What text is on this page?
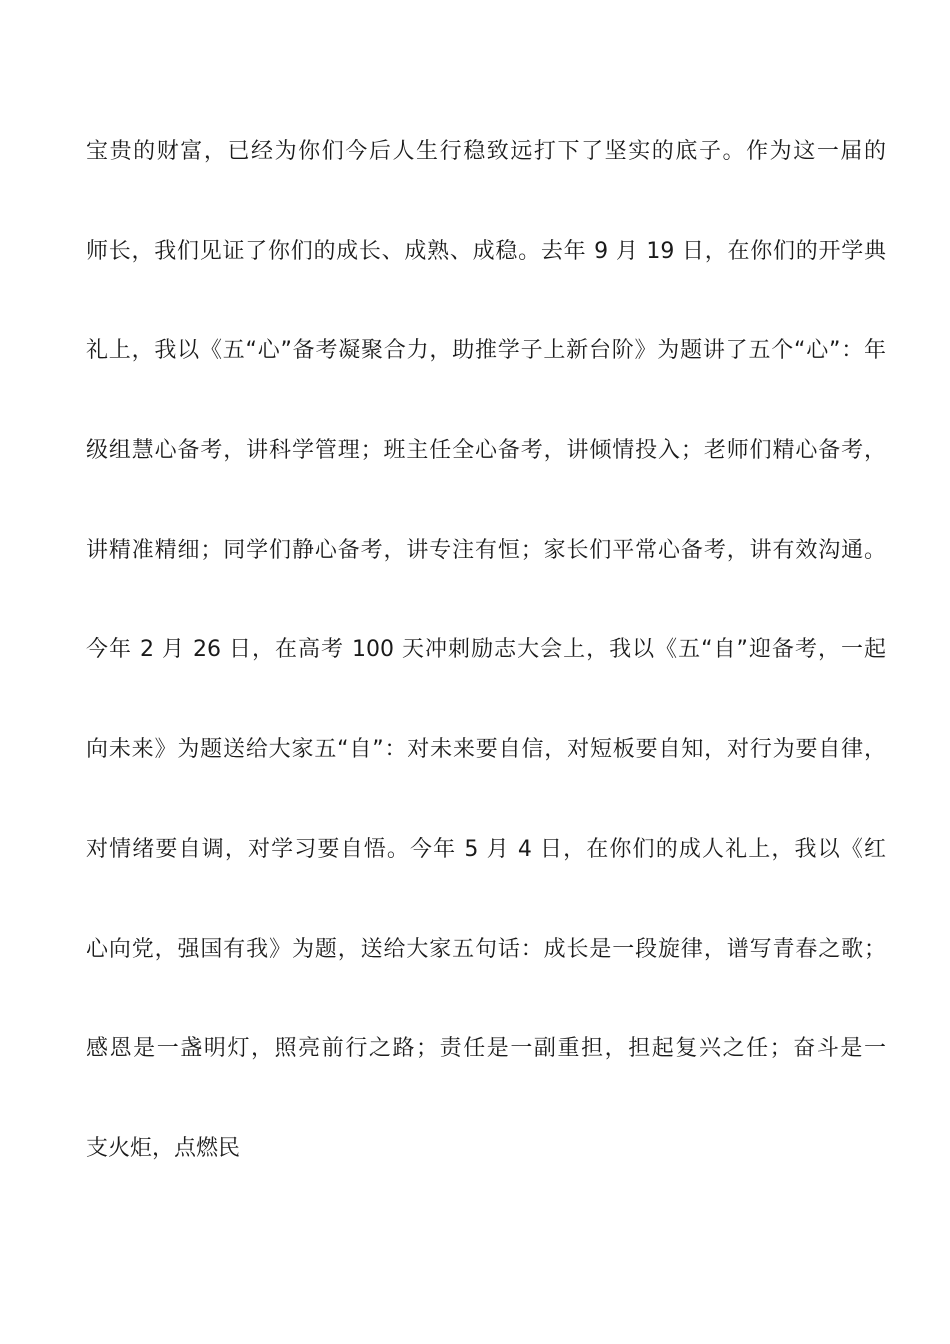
宝贵的财富，已经为你们今后人生行稳致远打下了坚实的底子。作为这一届的
师长，我们见证了你们的成长、成熟、成稳。去年 9 月 19 日，在你们的开学典
礼上，我以《五“心”备考凝聚合力，助推学子上新台阶》为题讲了五个“心”：年
级组慧心备考，讲科学管理；班主任全心备考，讲倾情投入；老师们精心备考，
讲精准精细；同学们静心备考，讲专注有恒；家长们平常心备考，讲有效沟通。
今年 2 月 26 日，在高考 100 天冲刺励志大会上，我以《五“自”迎备考，一起
向未来》为题送给大家五“自”：对未来要自信，对短板要自知，对行为要自律，
对情绪要自调，对学习要自悟。今年 5 月 4 日，在你们的成人礼上，我以《红
心向党，强国有我》为题，送给大家五句话：成长是一段旋律，谱写青春之歌；
感恩是一盏明灯，照亮前行之路；责任是一副重担，担起复兴之任；奋斗是一
支火炬，点燃民
